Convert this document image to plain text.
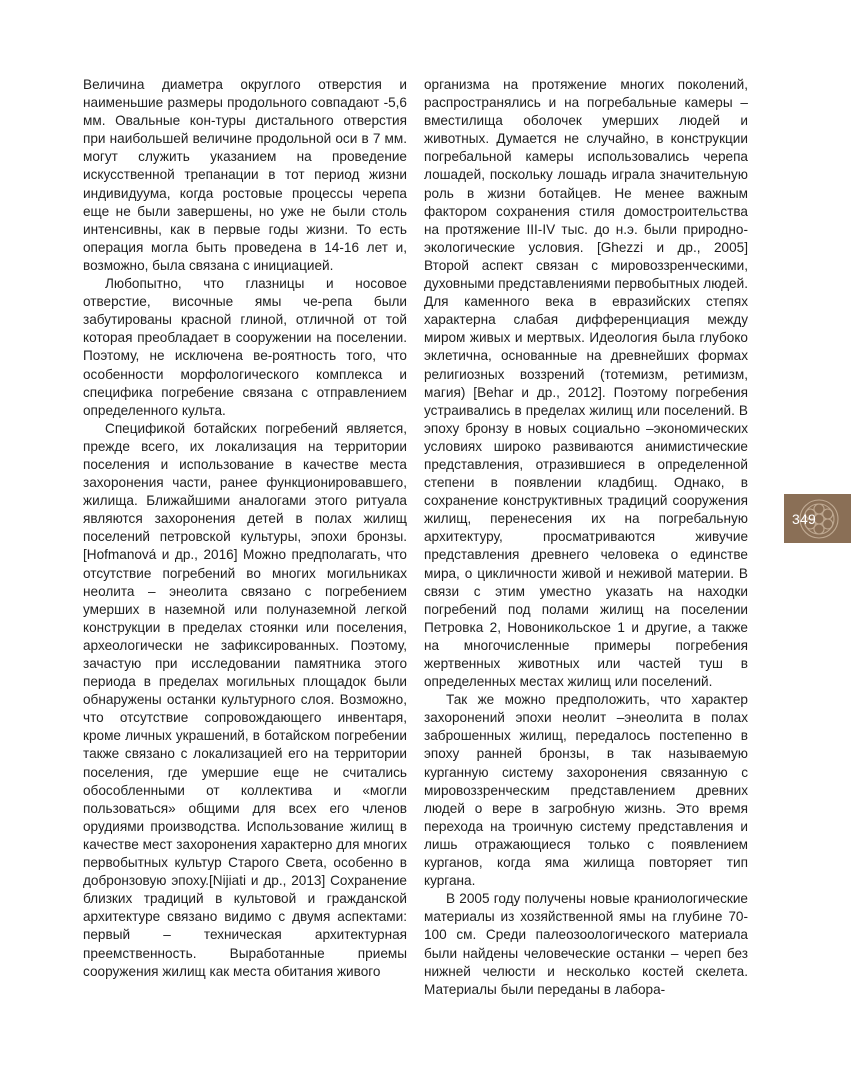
Величина диаметра округлого отверстия и наименьшие размеры продольного совпадают -5,6 мм. Овальные кон-туры дистального отверстия при наибольшей величине продольной оси в 7 мм. могут служить указанием на проведение искусственной трепанации в тот период жизни индивидуума, когда ростовые процессы черепа еще не были завершены, но уже не были столь интенсивны, как в первые годы жизни. То есть операция могла быть проведена в 14-16 лет и, возможно, была связана с инициацией.

Любопытно, что глазницы и носовое отверстие, височные ямы че-репа были забутированы красной глиной, отличной от той которая преобладает в сооружении на поселении. Поэтому, не исключена ве-роятность того, что особенности морфологического комплекса и специфика погребение связана с отправлением определенного культа.

Спецификой ботайских погребений является, прежде всего, их локализация на территории поселения и использование в качестве места захоронения части, ранее функционировавшего, жилища. Ближайшими аналогами этого ритуала являются захоронения детей в полах жилищ поселений петровской культуры, эпохи бронзы. [Hofmanová и др., 2016] Можно предполагать, что отсутствие погребений во многих могильниках неолита – энеолита связано с погребением умерших в наземной или полуназемной легкой конструкции в пределах стоянки или поселения, археологически не зафиксированных. Поэтому, зачастую при исследовании памятника этого периода в пределах могильных площадок были обнаружены останки культурного слоя. Возможно, что отсутствие сопровождающего инвентаря, кроме личных украшений, в ботайском погребении также связано с локализацией его на территории поселения, где умершие еще не считались обособленными от коллектива и «могли пользоваться» общими для всех его членов орудиями производства. Использование жилищ в качестве мест захоронения характерно для многих первобытных культур Старого Света, особенно в добронзовую эпоху.[Nijiati и др., 2013] Сохранение близких традиций в культовой и гражданской архитектуре связано видимо с двумя аспектами: первый – техническая архитектурная преемственность. Выработанные приемы сооружения жилищ как места обитания живого

организма на протяжение многих поколений, распространялись и на погребальные камеры – вместилища оболочек умерших людей и животных. Думается не случайно, в конструкции погребальной камеры использовались черепа лошадей, поскольку лошадь играла значительную роль в жизни ботайцев. Не менее важным фактором сохранения стиля домостроительства на протяжение III-IV тыс. до н.э. были природно-экологические условия. [Ghezzi и др., 2005] Второй аспект связан с мировоззренческими, духовными представлениями первобытных людей. Для каменного века в евразийских степях характерна слабая дифференциация между миром живых и мертвых. Идеология была глубоко эклетична, основанные на древнейших формах религиозных воззрений (тотемизм, ретимизм, магия) [Behar и др., 2012]. Поэтому погребения устраивались в пределах жилищ или поселений. В эпоху бронзу в новых социально –экономических условиях широко развиваются анимистические представления, отразившиеся в определенной степени в появлении кладбищ. Однако, в сохранение конструктивных традиций сооружения жилищ, перенесения их на погребальную архитектуру, просматриваются живучие представления древнего человека о единстве мира, о цикличности живой и неживой материи. В связи с этим уместно указать на находки погребений под полами жилищ на поселении Петровка 2, Новоникольское 1 и другие, а также на многочисленные примеры погребения жертвенных животных или частей туш в определенных местах жилищ или поселений.

Так же можно предположить, что характер захоронений эпохи неолит –энеолита в полах заброшенных жилищ, передалось постепенно в эпоху ранней бронзы, в так называемую курганную систему захоронения связанную с мировоззренческим представлением древних людей о вере в загробную жизнь. Это время перехода на троичную систему представления и лишь отражающиеся только с появлением курганов, когда яма жилища повторяет тип кургана.

В 2005 году получены новые краниологические материалы из хозяйственной ямы на глубине 70-100 см. Среди палеозоологического материала были найдены человеческие останки – череп без нижней челюсти и несколько костей скелета. Материалы были переданы в лабора-

349
